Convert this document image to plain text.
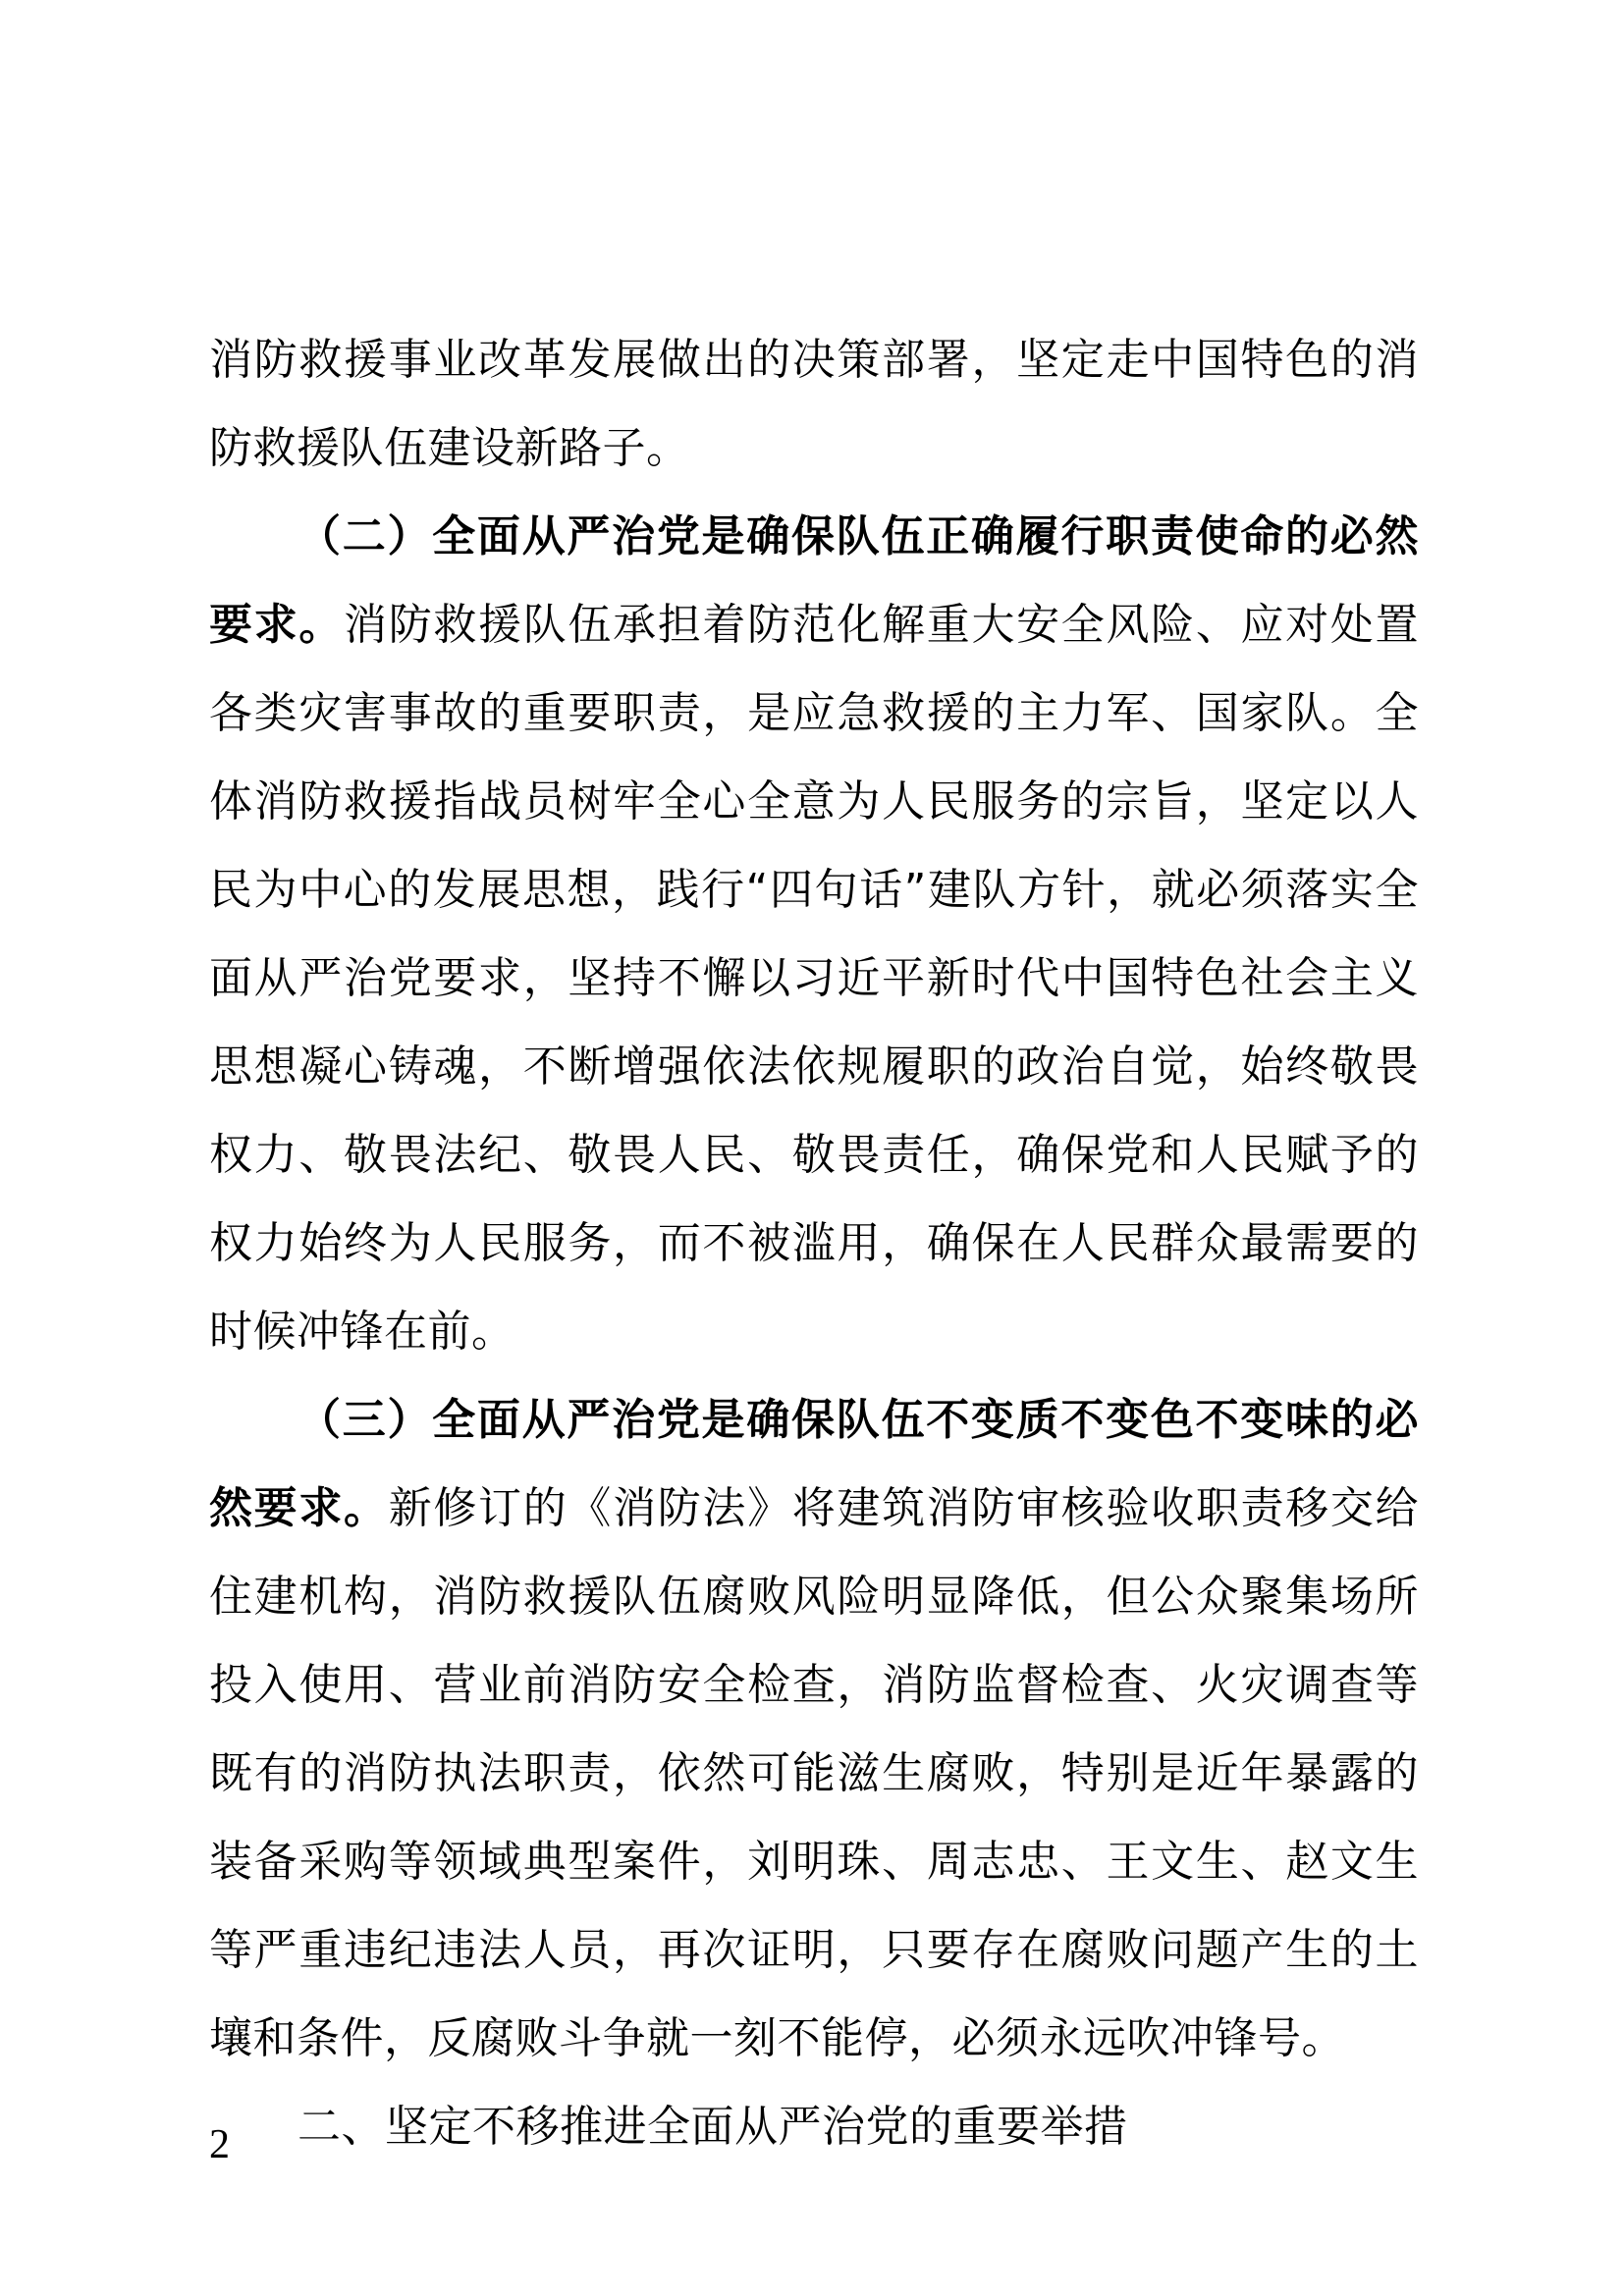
消防救援事业改革发展做出的决策部署，坚定走中国特色的消防救援队伍建设新路子。

（二）全面从严治党是确保队伍正确履行职责使命的必然要求。消防救援队伍承担着防范化解重大安全风险、应对处置各类灾害事故的重要职责，是应急救援的主力军、国家队。全体消防救援指战员树牢全心全意为人民服务的宗旨，坚定以人民为中心的发展思想，践行“四句话”建队方针，就必须落实全面从严治党要求，坚持不懈以习近平新时代中国特色社会主义思想凝心铸魂，不断增强依法依规履职的政治自觉，始终敬畏权力、敬畏法纪、敬畏人民、敬畏责任，确保党和人民赋予的权力始终为人民服务，而不被滥用，确保在人民群众最需要的时候冲锋在前。

（三）全面从严治党是确保队伍不变质不变色不变味的必然要求。新修订的《消防法》将建筑消防审核验收职责移交给住建机构，消防救援队伍腐败风险明显降低，但公众聚集场所投入使用、营业前消防安全检查，消防监督检查、火灾调查等既有的消防执法职责，依然可能滋生腐败，特别是近年暴露的装备采购等领域典型案件，刘明珠、周志忠、王文生、赵文生等严重违纪违法人员，再次证明，只要存在腐败问题产生的土壤和条件，反腐败斗争就一刻不能停，必须永远吹冲锋号。

二、坚定不移推进全面从严治党的重要举措

2
